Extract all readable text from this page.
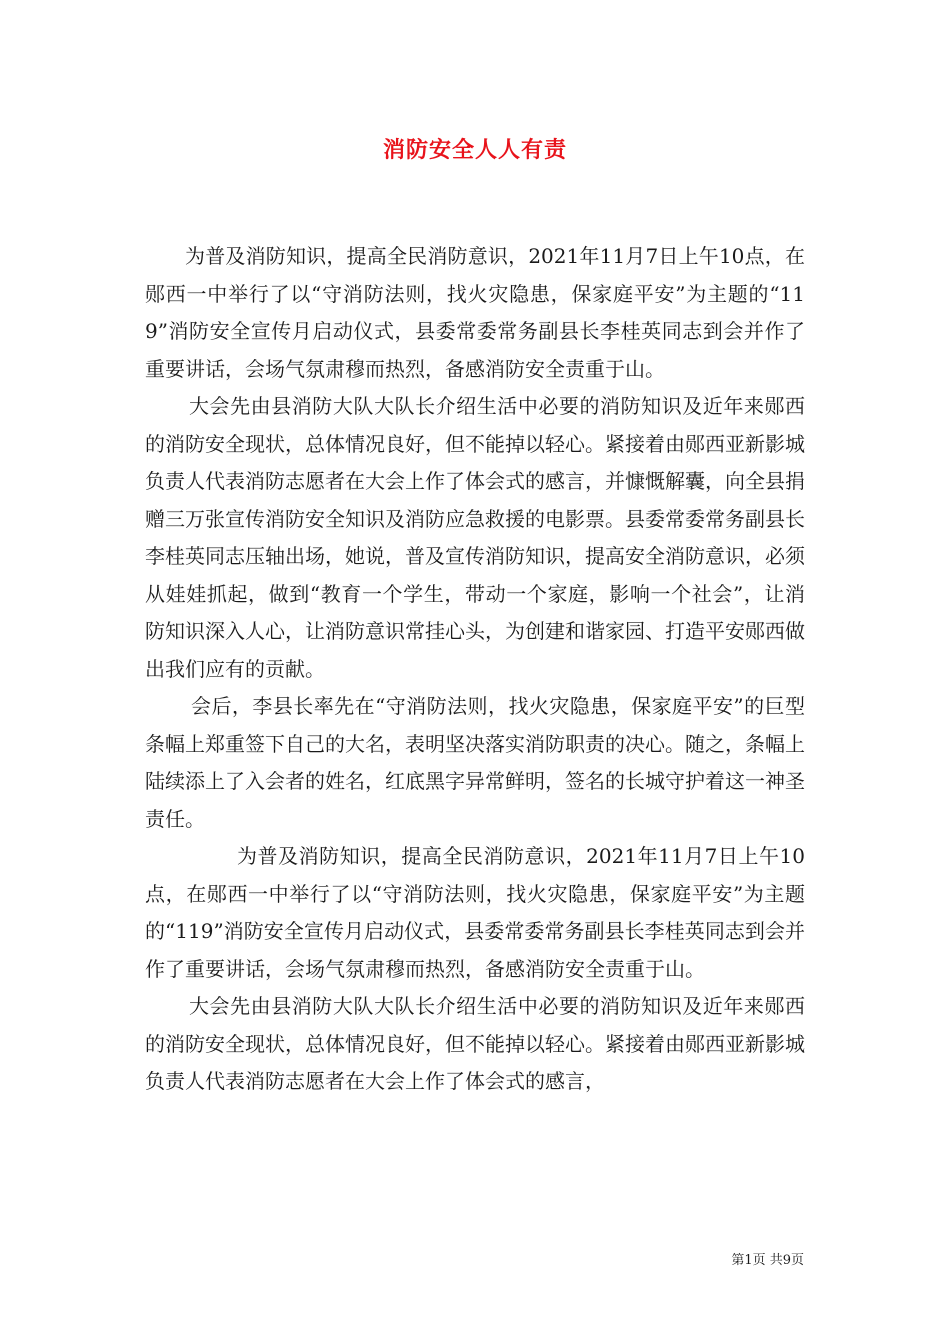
消防安全人人有责

为普及消防知识，提高全民消防意识，2021年11月7日上午10点，在郧西一中举行了以“守消防法则，找火灾隐患，保家庭平安”为主题的“119”消防安全宣传月启动仪式，县委常委常务副县长李桂英同志到会并作了重要讲话，会场气氛肃穆而热烈，备感消防安全责重于山。

大会先由县消防大队大队长介绍生活中必要的消防知识及近年来郧西的消防安全现状，总体情况良好，但不能掉以轻心。紧接着由郧西亚新影城负责人代表消防志愿者在大会上作了体会式的感言，并慷慨解囊，向全县捐赠三万张宣传消防安全知识及消防应急救援的电影票。县委常委常务副县长李桂英同志压轴出场，她说，普及宣传消防知识，提高安全消防意识，必须从娃娃抓起，做到“教育一个学生，带动一个家庭，影响一个社会”，让消防知识深入人心，让消防意识常挂心头，为创建和谐家园、打造平安郧西做出我们应有的贡献。

会后，李县长率先在“守消防法则，找火灾隐患，保家庭平安”的巨型条幅上郑重签下自己的大名，表明坚决落实消防职责的决心。随之，条幅上陆续添上了入会者的姓名，红底黑字异常鲜明，签名的长城守护着这一神圣责任。

为普及消防知识，提高全民消防意识，2021年11月7日上午10点，在郧西一中举行了以“守消防法则，找火灾隐患，保家庭平安”为主题的“119”消防安全宣传月启动仪式，县委常委常务副县长李桂英同志到会并作了重要讲话，会场气氛肃穆而热烈，备感消防安全责重于山。

大会先由县消防大队大队长介绍生活中必要的消防知识及近年来郧西的消防安全现状，总体情况良好，但不能掉以轻心。紧接着由郧西亚新影城负责人代表消防志愿者在大会上作了体会式的感言，

第1页 共9页
